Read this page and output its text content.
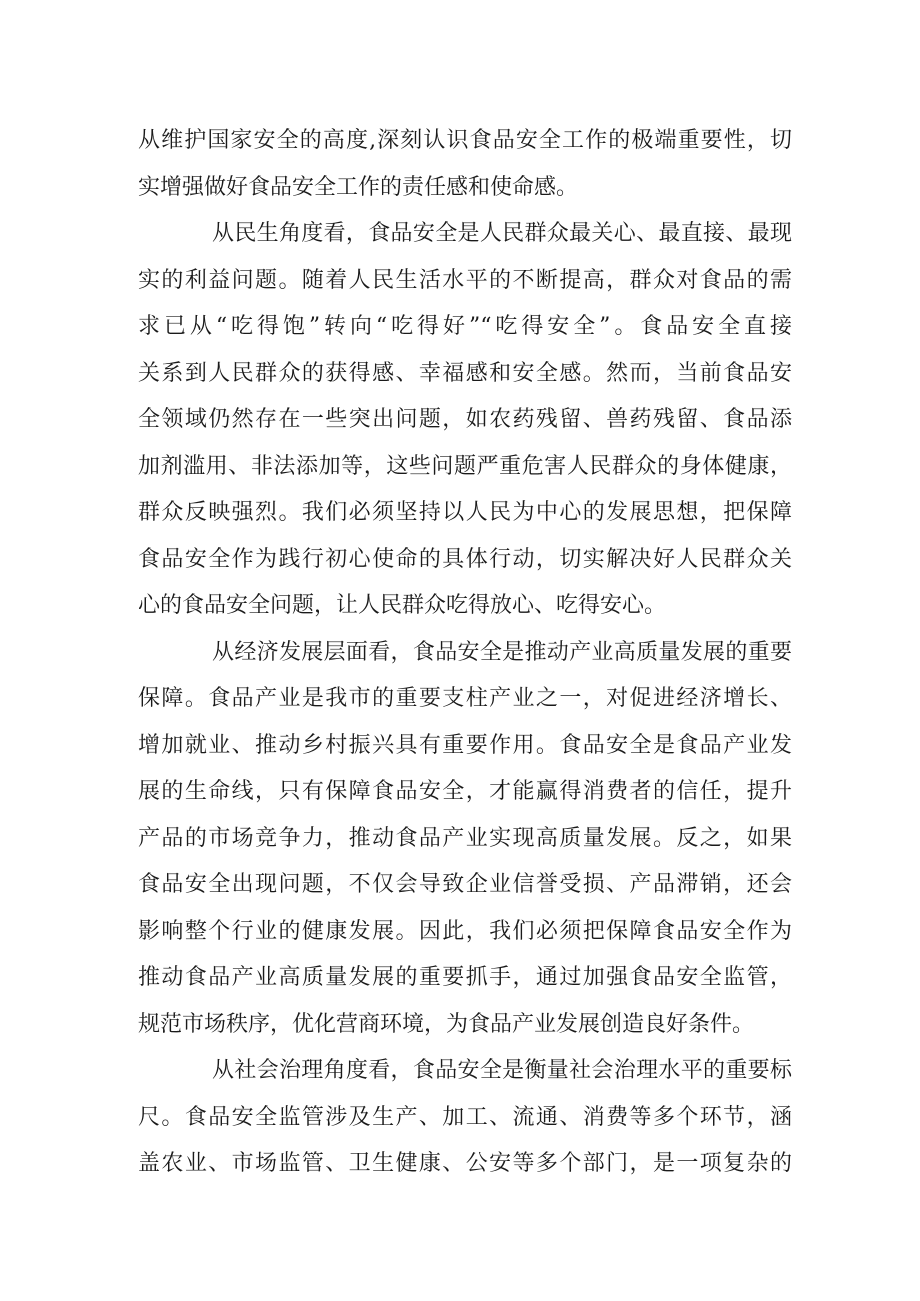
从维护国家安全的高度,深刻认识食品安全工作的极端重要性，切
实增强做好食品安全工作的责任感和使命感。
从民生角度看，食品安全是人民群众最关心、最直接、最现
实的利益问题。随着人民生活水平的不断提高，群众对食品的需
求已从“吃得饱”转向“吃得好”“吃得安全”。食品安全直接
关系到人民群众的获得感、幸福感和安全感。然而，当前食品安
全领域仍然存在一些突出问题，如农药残留、兽药残留、食品添
加剂滥用、非法添加等，这些问题严重危害人民群众的身体健康，
群众反映强烈。我们必须坚持以人民为中心的发展思想，把保障
食品安全作为践行初心使命的具体行动，切实解决好人民群众关
心的食品安全问题，让人民群众吃得放心、吃得安心。
从经济发展层面看，食品安全是推动产业高质量发展的重要
保障。食品产业是我市的重要支柱产业之一，对促进经济增长、
增加就业、推动乡村振兴具有重要作用。食品安全是食品产业发
展的生命线，只有保障食品安全，才能赢得消费者的信任，提升
产品的市场竞争力，推动食品产业实现高质量发展。反之，如果
食品安全出现问题，不仅会导致企业信誉受损、产品滞销，还会
影响整个行业的健康发展。因此，我们必须把保障食品安全作为
推动食品产业高质量发展的重要抓手，通过加强食品安全监管，
规范市场秩序，优化营商环境，为食品产业发展创造良好条件。
从社会治理角度看，食品安全是衡量社会治理水平的重要标
尺。食品安全监管涉及生产、加工、流通、消费等多个环节，涵
盖农业、市场监管、卫生健康、公安等多个部门，是一项复杂的
